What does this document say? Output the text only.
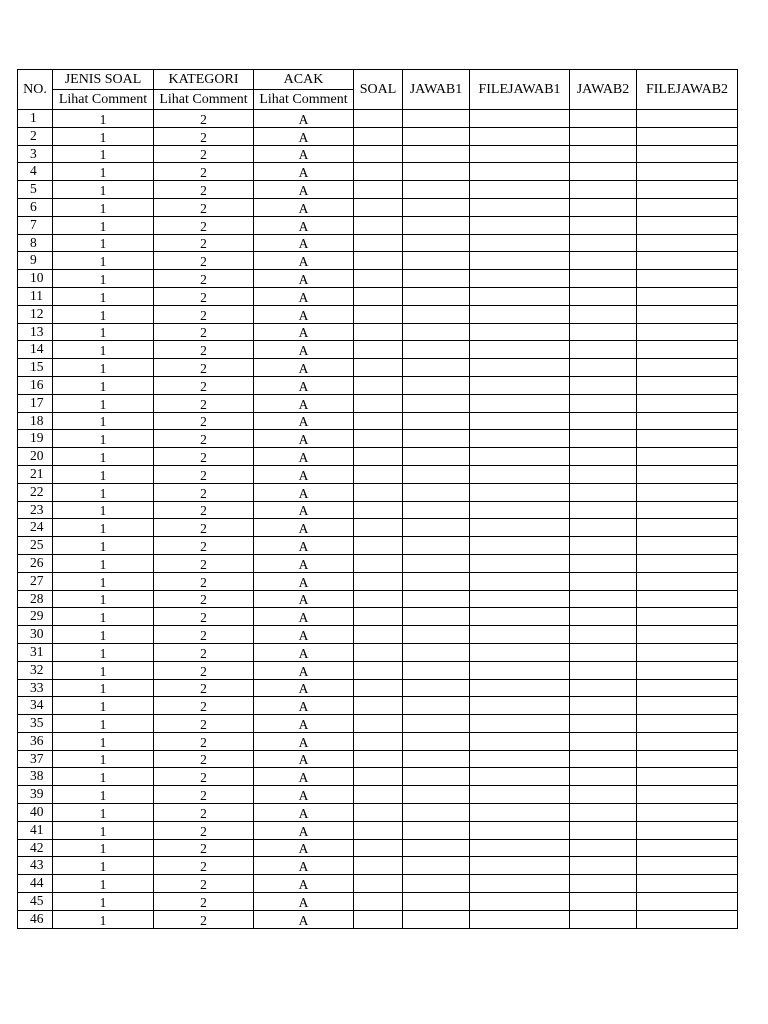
NO.	JENIS SOAL	KATEGORI	ACAK	SOAL	JAWAB1	FILEJAWAB1	JAWAB2	FILEJAWAB2
	Lihat Comment	Lihat Comment	Lihat Comment					
1	1	2	A					
2	1	2	A					
3	1	2	A					
4	1	2	A					
5	1	2	A					
6	1	2	A					
7	1	2	A					
8	1	2	A					
9	1	2	A					
10	1	2	A					
11	1	2	A					
12	1	2	A					
13	1	2	A					
14	1	2	A					
15	1	2	A					
16	1	2	A					
17	1	2	A					
18	1	2	A					
19	1	2	A					
20	1	2	A					
21	1	2	A					
22	1	2	A					
23	1	2	A					
24	1	2	A					
25	1	2	A					
26	1	2	A					
27	1	2	A					
28	1	2	A					
29	1	2	A					
30	1	2	A					
31	1	2	A					
32	1	2	A					
33	1	2	A					
34	1	2	A					
35	1	2	A					
36	1	2	A					
37	1	2	A					
38	1	2	A					
39	1	2	A					
40	1	2	A					
41	1	2	A					
42	1	2	A					
43	1	2	A					
44	1	2	A					
45	1	2	A					
46	1	2	A					
